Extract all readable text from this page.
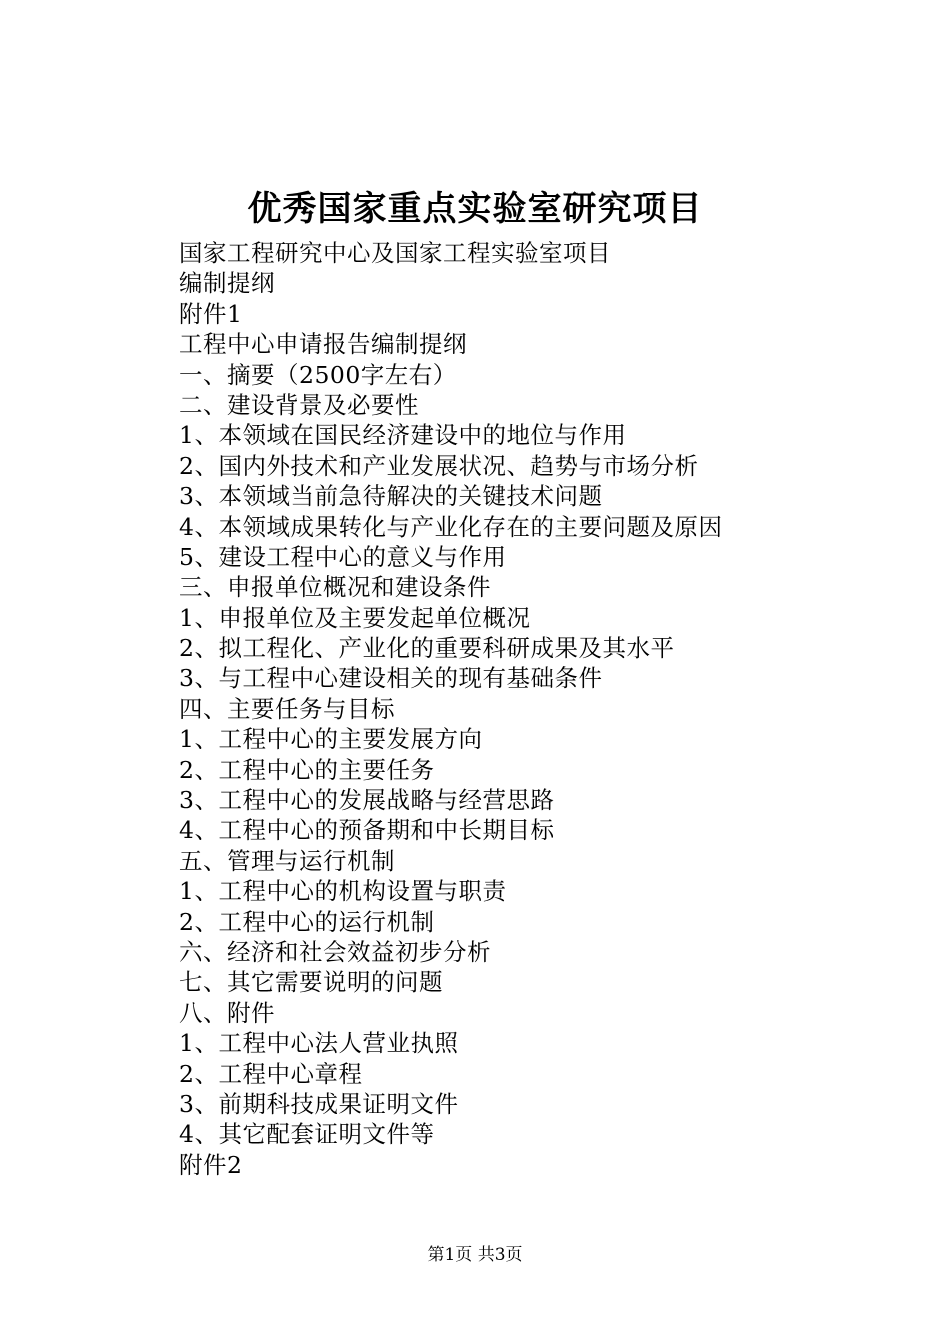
优秀国家重点实验室研究项目
国家工程研究中心及国家工程实验室项目
编制提纲
附件1
工程中心申请报告编制提纲
一、摘要（2500字左右）
二、建设背景及必要性
1、本领域在国民经济建设中的地位与作用
2、国内外技术和产业发展状况、趋势与市场分析
3、本领域当前急待解决的关键技术问题
4、本领域成果转化与产业化存在的主要问题及原因
5、建设工程中心的意义与作用
三、申报单位概况和建设条件
1、申报单位及主要发起单位概况
2、拟工程化、产业化的重要科研成果及其水平
3、与工程中心建设相关的现有基础条件
四、主要任务与目标
1、工程中心的主要发展方向
2、工程中心的主要任务
3、工程中心的发展战略与经营思路
4、工程中心的预备期和中长期目标
五、管理与运行机制
1、工程中心的机构设置与职责
2、工程中心的运行机制
六、经济和社会效益初步分析
七、其它需要说明的问题
八、附件
1、工程中心法人营业执照
2、工程中心章程
3、前期科技成果证明文件
4、其它配套证明文件等
附件2
第1页 共3页
